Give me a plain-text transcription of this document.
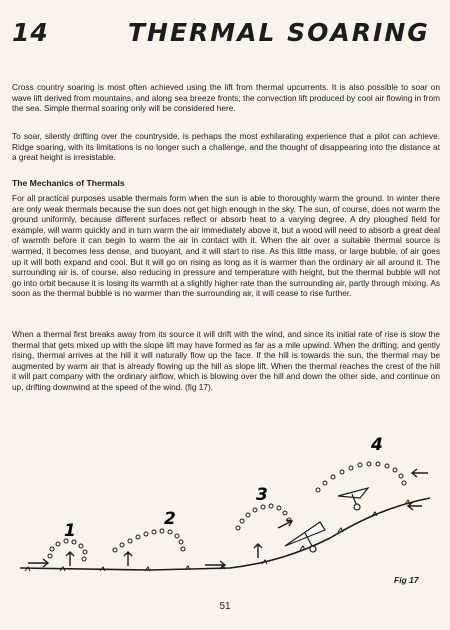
14	THERMAL SOARING

Cross country soaring is most often achieved using the lift from thermal upcurrents. It is also possible to soar on wave lift derived from mountains, and along sea breeze fronts; the convection lift produced by cool air flowing in from the sea. Simple thermal soaring only will be considered here.

To soar, silently drifting over the countryside, is perhaps the most exhilarating experience that a pilot can achieve. Ridge soaring, with its limitations is no longer such a challenge, and the thought of disappearing into the distance at a great height is irresistable.

The Mechanics of Thermals

For all practical purposes usable thermals form when the sun is able to thoroughly warm the ground. In winter there are only weak thermals because the sun does not get high enough in the sky. The sun, of course, does not warm the ground uniformly, because different surfaces reflect or absorb heat to a varying degree. A dry ploughed field for example, will warm quickly and in turn warm the air immediately above it, but a wood will need to absorb a great deal of warmth before it can begin to warm the air in contact with it. When the air over a suitable thermal source is warmed, it becomes less dense, and buoyant, and it will start to rise. As this little mass, or large bubble, of air goes up it will both expand and cool. But it will go on rising as long as it is warmer than the ordinary air all around it. The surrounding air is, of course, also reducing in pressure and temperature with height, but the thermal bubble will not go into orbit because it is losing its warmth at a slightly higher rate than the surrounding air, partly through mixing. As soon as the thermal bubble is no warmer than the surrounding air, it will cease to rise further.

When a thermal first breaks away from its source it will drift with the wind, and since its initial rate of rise is slow the thermal that gets mixed up with the slope lift may have formed as far as a mile upwind. When the drifting, and gently rising, thermal arrives at the hill it will naturally flow up the face. If the hill is towards the sun, the thermal may be augmented by warm air that is already flowing up the hill as slope lift. When the thermal reaches the crest of the hill it will part company with the ordinary airflow, which is blowing over the hill and down the other side, and continue on up, drifting downwind at the speed of the wind. (fig 17).

1
2
3
4
Fig 17
51
